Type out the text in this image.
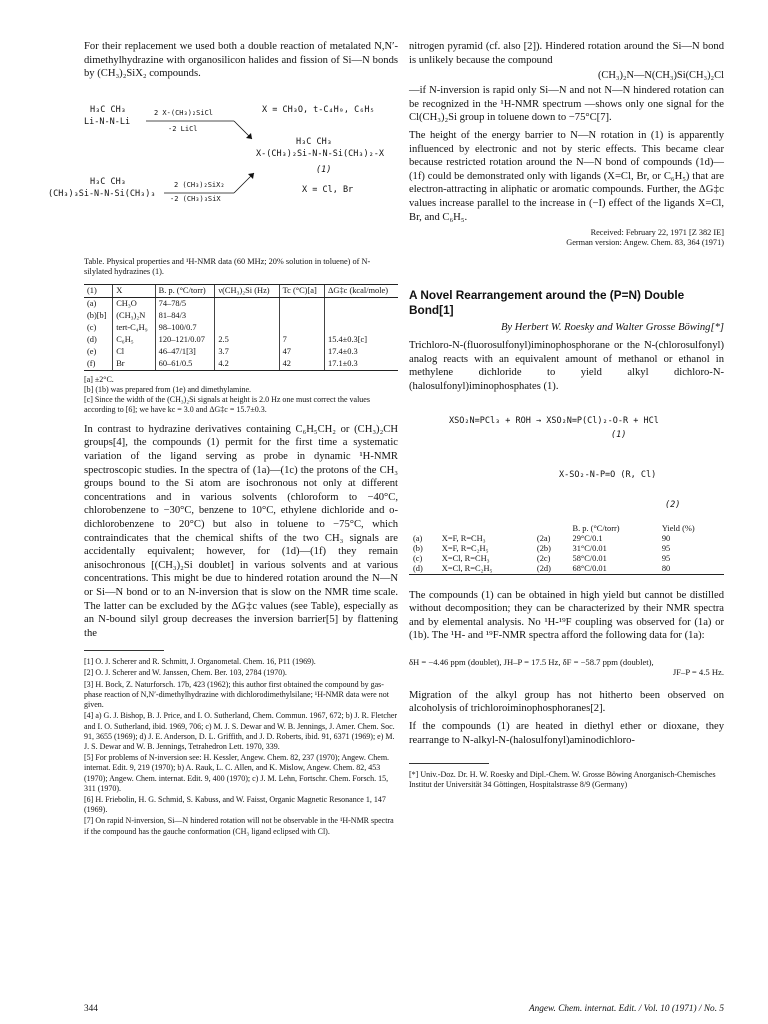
For their replacement we used both a double reaction of metalated N,N′-dimethylhydrazine with organosilicon halides and fission of Si—N bonds by (CH₃)₂SiX₂ compounds.

H₃C CH₃
Li-N-N-Li
2 X-(CH₃)₂SiCl
-2 LiCl
X = CH₃O, t-C₄H₉, C₆H₅
H₃C CH₃
X-(CH₃)₂Si-N-N-Si(CH₃)₂-X
(1)
H₃C CH₃
(CH₃)₃Si-N-N-Si(CH₃)₃
2 (CH₃)₂SiX₂
-2 (CH₃)₃SiX
X = Cl, Br
Table. Physical properties and ¹H-NMR data (60 MHz; 20% solution in toluene) of N-silylated hydrazines (1).
(1)	X	B. p. (°C/torr)	ν(CH₃)₂Si (Hz)	Tc (°C)[a]	ΔG‡c (kcal/mole)
(a)	CH₃O	74–78/5			
(b)[b]	(CH₃)₂N	81–84/3			
(c)	tert-C₄H₉	98–100/0.7			
(d)	C₆H₅	120–121/0.07	2.5	7	15.4±0.3[c]
(e)	Cl	46–47/1[3]	3.7	47	17.4±0.3
(f)	Br	60–61/0.5	4.2	42	17.1±0.3
[a] ±2°C.
[b] (1b) was prepared from (1e) and dimethylamine.
[c] Since the width of the (CH₃)₂Si signals at height is 2.0 Hz one must correct the values according to [6]; we have kc = 3.0 and ΔG‡c = 15.7±0.3.

In contrast to hydrazine derivatives containing C₆H₅CH₂ or (CH₃)₂CH groups[4], the compounds (1) permit for the first time a systematic variation of the ligand serving as probe in dynamic ¹H-NMR spectroscopic studies. In the spectra of (1a)—(1c) the protons of the CH₃ groups bound to the Si atom are isochronous not only at different concentrations and in various solvents (chloroform to −40°C, chlorobenzene to −30°C, benzene to 10°C, ethylene dichloride and o-dichlorobenzene to 20°C) but also in toluene to −75°C, which contraindicates that the chemical shifts of the two CH₃ signals are accidentally equivalent; however, for (1d)—(1f) they remain anisochronous [(CH₃)₂Si doublet] in various solvents and at various concentrations. This might be due to hindered rotation around the N—N or Si—N bond or to an N-inversion that is slow on the NMR time scale. The latter can be excluded by the ΔG‡c values (see Table), especially as an N-bound silyl group decreases the inversion barrier[5] by flattening the

[1] O. J. Scherer and R. Schmitt, J. Organometal. Chem. 16, P11 (1969).
[2] O. J. Scherer and W. Janssen, Chem. Ber. 103, 2784 (1970).
[3] H. Bock, Z. Naturforsch. 17b, 423 (1962); this author first obtained the compound by gas-phase reaction of N,N′-dimethylhydrazine with dichlorodimethylsilane; ¹H-NMR data were not given.
[4] a) G. J. Bishop, B. J. Price, and I. O. Sutherland, Chem. Commun. 1967, 672; b) J. R. Fletcher and I. O. Sutherland, ibid. 1969, 706; c) M. J. S. Dewar and W. B. Jennings, J. Amer. Chem. Soc. 91, 3655 (1969); d) J. E. Anderson, D. L. Griffith, and J. D. Roberts, ibid. 91, 6371 (1969); e) M. J. S. Dewar and W. B. Jennings, Tetrahedron Lett. 1970, 339.
[5] For problems of N-inversion see: H. Kessler, Angew. Chem. 82, 237 (1970); Angew. Chem. internat. Edit. 9, 219 (1970); b) A. Rauk, L. C. Allen, and K. Mislow, Angew. Chem. 82, 453 (1970); Angew. Chem. internat. Edit. 9, 400 (1970); c) J. M. Lehn, Fortschr. Chem. Forsch. 15, 311 (1970).
[6] H. Friebolin, H. G. Schmid, S. Kabuss, and W. Faisst, Organic Magnetic Resonance 1, 147 (1969).
[7] On rapid N-inversion, Si—N hindered rotation will not be observable in the ¹H-NMR spectra if the compound has the gauche conformation (CH₃ ligand eclipsed with Cl).

nitrogen pyramid (cf. also [2]). Hindered rotation around the Si—N bond is unlikely because the compound

(CH₃)₂N—N(CH₃)Si(CH₃)₂Cl

—if N-inversion is rapid only Si—N and not N—N hindered rotation can be recognized in the ¹H-NMR spectrum —shows only one signal for the Cl(CH₃)₂Si group in toluene down to −75°C[7].

The height of the energy barrier to N—N rotation in (1) is apparently influenced by electronic and not by steric effects. This became clear because restricted rotation around the N—N bond of compounds (1d)—(1f) could be demonstrated only with ligands (X=Cl, Br, or C₆H₅) that are electron-attracting in aliphatic or aromatic compounds. Further, the ΔG‡c values increase parallel to the increase in (−I) effect of the ligands X=Cl, Br, and C₆H₅.

Received: February 22, 1971 [Z 382 IE]
German version: Angew. Chem. 83, 364 (1971)
A Novel Rearrangement around the (P=N) Double Bond[1]
By Herbert W. Roesky and Walter Grosse Böwing[*]

Trichloro-N-(fluorosulfonyl)iminophosphorane or the N-(chlorosulfonyl) analog reacts with an equivalent amount of methanol or ethanol in methylene dichloride to yield alkyl dichloro-N-(halosulfonyl)iminophosphates (1).

XSO₂N=PCl₃ + ROH → XSO₂N=P(Cl)₂-O-R + HCl
(1)
X-SO₂-N-P=O (R, Cl)
(2)
			B. p. (°C/torr)	Yield (%)
(a)	X=F, R=CH₃	(2a)	29°C/0.1	90
(b)	X=F, R=C₂H₅	(2b)	31°C/0.01	95
(c)	X=Cl, R=CH₃	(2c)	58°C/0.01	95
(d)	X=Cl, R=C₂H₅	(2d)	68°C/0.01	80

The compounds (1) can be obtained in high yield but cannot be distilled without decomposition; they can be characterized by their NMR spectra and by elemental analysis. No ¹H-¹⁹F coupling was observed for (1a) or (1b). The ¹H- and ¹⁹F-NMR spectra afford the following data for (1a):

δH = −4.46 ppm (doublet), JH–P = 17.5 Hz, δF = −58.7 ppm (doublet),
JF–P = 4.5 Hz.

Migration of the alkyl group has not hitherto been observed on alcoholysis of trichloroiminophosphoranes[2].

If the compounds (1) are heated in diethyl ether or dioxane, they rearrange to N-alkyl-N-(halosulfonyl)aminodichloro-

[*] Univ.-Doz. Dr. H. W. Roesky and Dipl.-Chem. W. Grosse Böwing Anorganisch-Chemisches Institut der Universität 34 Göttingen, Hospitalstrasse 8/9 (Germany)
344	Angew. Chem. internat. Edit. / Vol. 10 (1971) / No. 5
